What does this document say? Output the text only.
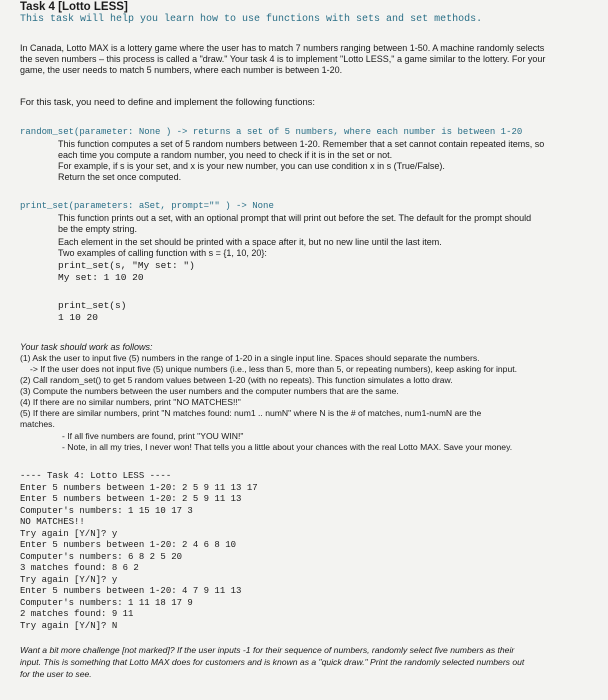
Task 4 [Lotto LESS]
This task will help you learn how to use functions with sets and set methods.
In Canada, Lotto MAX is a lottery game where the user has to match 7 numbers ranging between 1-50. A machine randomly selects
the seven numbers – this process is called a "draw." Your task 4 is to implement "Lotto LESS," a game similar to the lottery. For your
game, the user needs to match 5 numbers, where each number is between 1-20.
For this task, you need to define and implement the following functions:
random_set(parameter: None ) -> returns a set of 5 numbers, where each number is between 1-20
This function computes a set of 5 random numbers between 1-20. Remember that a set cannot contain repeated items, so
each time you compute a random number, you need to check if it is in the set or not.
For example, if s is your set, and x is your new number, you can use condition x in s (True/False).
Return the set once computed.
print_set(parameters: aSet, prompt="" ) -> None
This function prints out a set, with an optional prompt that will print out before the set. The default for the prompt should
be the empty string.
Each element in the set should be printed with a space after it, but no new line until the last item.
Two examples of calling function with s = {1, 10, 20}:
print_set(s, "My set: ")
My set: 1 10 20
print_set(s)
1 10 20
Your task should work as follows:
(1) Ask the user to input five (5) numbers in the range of 1-20 in a single input line. Spaces should separate the numbers.
-> If the user does not input five (5) unique numbers (i.e., less than 5, more than 5, or repeating numbers), keep asking for input.
(2) Call random_set() to get 5 random values between 1-20 (with no repeats). This function simulates a lotto draw.
(3) Compute the numbers between the user numbers and the computer numbers that are the same.
(4) If there are no similar numbers, print "NO MATCHES!!"
(5) If there are similar numbers, print "N matches found: num1 .. numN" where N is the # of matches, num1-numN are the
matches.
- If all five numbers are found, print "YOU WIN!"
- Note, in all my tries, I never won! That tells you a little about your chances with the real Lotto MAX. Save your money.
---- Task 4: Lotto LESS ----
Enter 5 numbers between 1-20: 2 5 9 11 13 17
Enter 5 numbers between 1-20: 2 5 9 11 13
Computer's numbers: 1 15 10 17 3
NO MATCHES!!
Try again [Y/N]? y
Enter 5 numbers between 1-20: 2 4 6 8 10
Computer's numbers: 6 8 2 5 20
3 matches found: 8 6 2
Try again [Y/N]? y
Enter 5 numbers between 1-20: 4 7 9 11 13
Computer's numbers: 1 11 18 17 9
2 matches found: 9 11
Try again [Y/N]? N
Want a bit more challenge [not marked]? If the user inputs -1 for their sequence of numbers, randomly select five numbers as their
input. This is something that Lotto MAX does for customers and is known as a "quick draw." Print the randomly selected numbers out
for the user to see.
